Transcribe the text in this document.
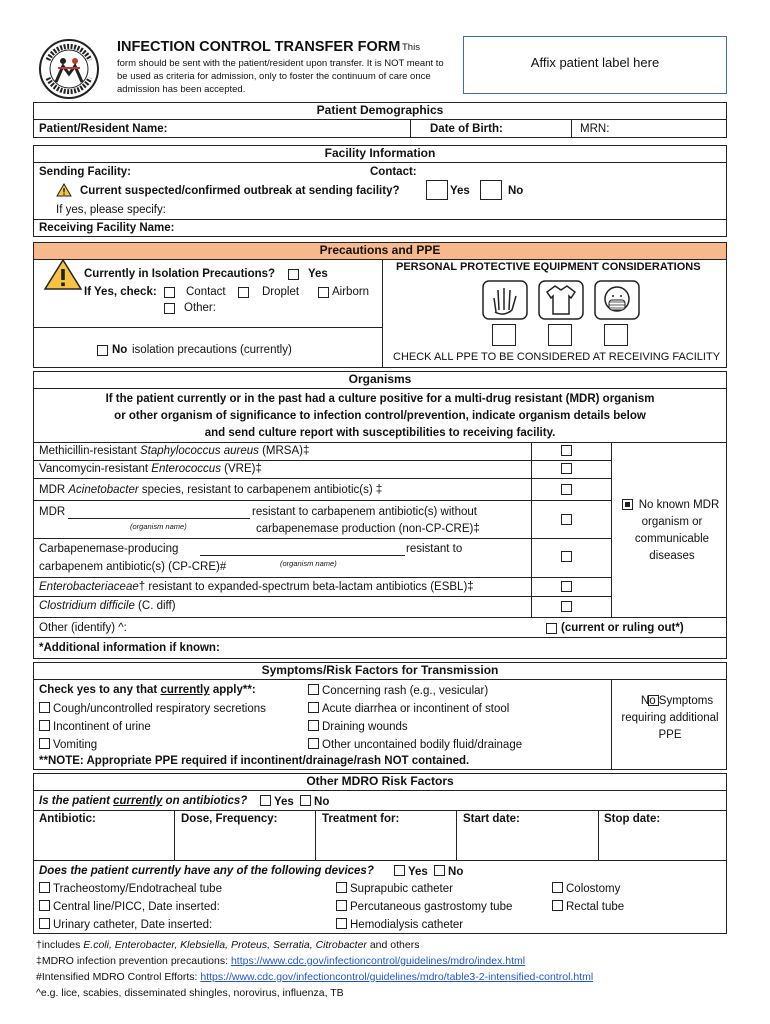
INFECTION CONTROL TRANSFER FORM This
form should be sent with the patient/resident upon transfer. It is NOT meant to be used as criteria for admission, only to foster the continuum of care once admission has been accepted.
Affix patient label here
Patient Demographics
Patient/Resident Name:	Date of Birth:	MRN:
Facility Information
Sending Facility:	Contact:
Current suspected/confirmed outbreak at sending facility?	Yes	No
If yes, please specify:
Receiving Facility Name:
Precautions and PPE
Currently in Isolation Precautions?	Yes
If Yes, check:	Contact	Droplet	Airborn
Other:
No isolation precautions (currently)
PERSONAL PROTECTIVE EQUIPMENT CONSIDERATIONS
CHECK ALL PPE TO BE CONSIDERED AT RECEIVING FACILITY
Organisms
If the patient currently or in the past had a culture positive for a multi-drug resistant (MDR) organism
or other organism of significance to infection control/prevention, indicate organism details below
and send culture report with susceptibilities to receiving facility.
Methicillin-resistant Staphylococcus aureus (MRSA)‡
Vancomycin-resistant Enterococcus (VRE)‡
MDR Acinetobacter species, resistant to carbapenem antibiotic(s) ‡
MDR
(organism name)
resistant to carbapenem antibiotic(s) without
carbapenemase production (non-CP-CRE)‡
Carbapenemase-producing
(organism name)
resistant to
carbapenem antibiotic(s) (CP-CRE)#
Enterobacteriaceae† resistant to expanded-spectrum beta-lactam antibiotics (ESBL)‡
Clostridium difficile (C. diff)
Other (identify) ^:	(current or ruling out*)
No known MDR organism or communicable diseases
*Additional information if known:
Symptoms/Risk Factors for Transmission
Check yes to any that currently apply**:
Cough/uncontrolled respiratory secretions
Incontinent of urine
Vomiting
Concerning rash (e.g., vesicular)
Acute diarrhea or incontinent of stool
Draining wounds
Other uncontained bodily fluid/drainage
**NOTE: Appropriate PPE required if incontinent/drainage/rash NOT contained.
No Symptoms requiring additional PPE
Other MDRO Risk Factors
Is the patient currently on antibiotics?	Yes No
Antibiotic:	Dose, Frequency:	Treatment for:	Start date:	Stop date:
Does the patient currently have any of the following devices?	Yes No
Tracheostomy/Endotracheal tube
Central line/PICC, Date inserted:
Urinary catheter, Date inserted:
Suprapubic catheter
Percutaneous gastrostomy tube
Hemodialysis catheter
Colostomy
Rectal tube
†includes E.coli, Enterobacter, Klebsiella, Proteus, Serratia, Citrobacter and others
‡MDRO infection prevention precautions: https://www.cdc.gov/infectioncontrol/guidelines/mdro/index.html
#Intensified MDRO Control Efforts: https://www.cdc.gov/infectioncontrol/guidelines/mdro/table3-2-intensified-control.html
^e.g. lice, scabies, disseminated shingles, norovirus, influenza, TB
